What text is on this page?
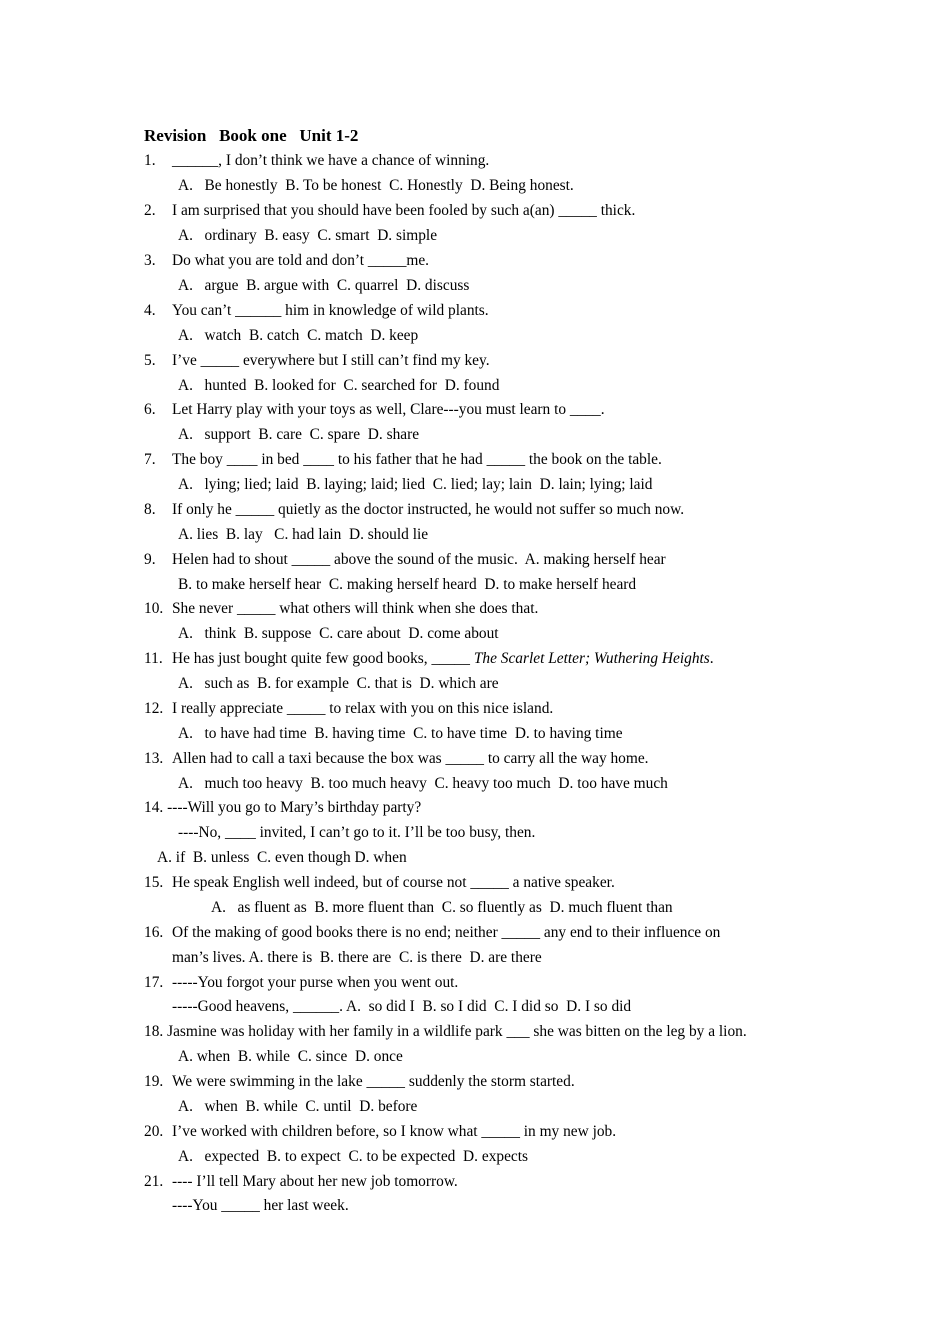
Revision   Book one   Unit 1-2
1. ______, I don’t think we have a chance of winning.
A.   Be honestly  B. To be honest  C. Honestly  D. Being honest.
2. I am surprised that you should have been fooled by such a(an) _____ thick.
A.   ordinary  B. easy  C. smart  D. simple
3. Do what you are told and don’t _____me.
A.   argue  B. argue with  C. quarrel  D. discuss
4. You can’t ______ him in knowledge of wild plants.
A.   watch  B. catch  C. match  D. keep
5. I’ve _____ everywhere but I still can’t find my key.
A.   hunted  B. looked for  C. searched for  D. found
6. Let Harry play with your toys as well, Clare---you must learn to ____.
A.   support  B. care  C. spare  D. share
7. The boy ____ in bed ____ to his father that he had _____ the book on the table.
A.   lying; lied; laid  B. laying; laid; lied  C. lied; lay; lain  D. lain; lying; laid
8. If only he _____ quietly as the doctor instructed, he would not suffer so much now.
A. lies  B. lay   C. had lain  D. should lie
9. Helen had to shout _____ above the sound of the music.  A. making herself hear
B. to make herself hear  C. making herself heard  D. to make herself heard
10. She never _____ what others will think when she does that.
A.   think  B. suppose  C. care about  D. come about
11. He has just bought quite few good books, _____ The Scarlet Letter; Wuthering Heights.
A.   such as  B. for example  C. that is  D. which are
12. I really appreciate _____ to relax with you on this nice island.
A.   to have had time  B. having time  C. to have time  D. to having time
13. Allen had to call a taxi because the box was _____ to carry all the way home.
A.   much too heavy  B. too much heavy  C. heavy too much  D. too have much
14. ----Will you go to Mary’s birthday party?
----No, ____ invited, I can’t go to it. I’ll be too busy, then.
A. if  B. unless  C. even though D. when
15. He speak English well indeed, but of course not _____ a native speaker.
A.   as fluent as  B. more fluent than  C. so fluently as  D. much fluent than
16. Of the making of good books there is no end; neither _____ any end to their influence on
man’s lives. A. there is  B. there are  C. is there  D. are there
17. -----You forgot your purse when you went out.
-----Good heavens, ______. A.  so did I  B. so I did  C. I did so  D. I so did
18. Jasmine was holiday with her family in a wildlife park ___ she was bitten on the leg by a lion.
A. when  B. while  C. since  D. once
19. We were swimming in the lake _____ suddenly the storm started.
A.   when  B. while  C. until  D. before
20. I’ve worked with children before, so I know what _____ in my new job.
A.   expected  B. to expect  C. to be expected  D. expects
21. ---- I’ll tell Mary about her new job tomorrow.
----You _____ her last week.
